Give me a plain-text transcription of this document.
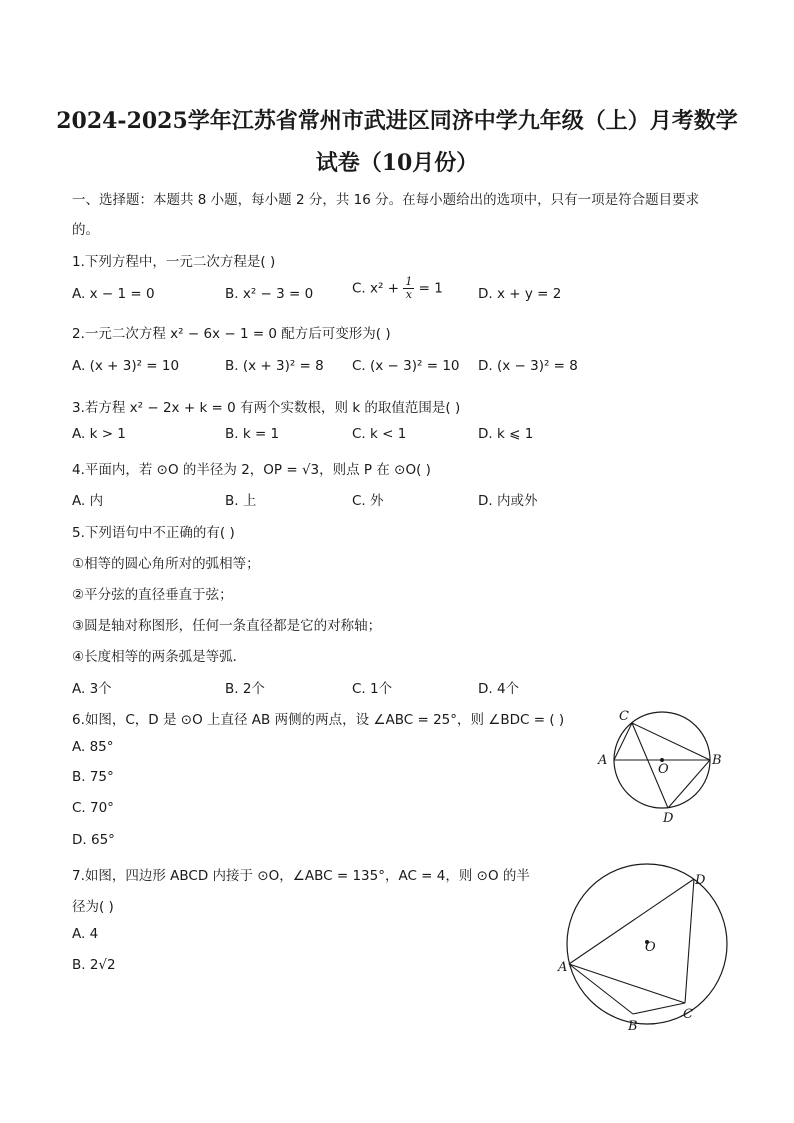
2024-2025学年江苏省常州市武进区同济中学九年级（上）月考数学
试卷（10月份）
一、选择题：本题共 8 小题，每小题 2 分，共 16 分。在每小题给出的选项中，只有一项是符合题目要求
的。
1.下列方程中，一元二次方程是( )
A. x − 1 = 0	B. x² − 3 = 0	C. $x^2 + \frac{1}{x} = 1$	D. x + y = 2
2.一元二次方程 x² − 6x − 1 = 0 配方后可变形为( )
A. (x + 3)² = 10	B. (x + 3)² = 8 C. (x − 3)² = 10 D. (x − 3)² = 8
3.若方程 x² − 2x + k = 0 有两个实数根，则 k 的取值范围是( )
A. k > 1	B. k = 1	C. k < 1	D. k ⩽ 1
4.平面内，若 ⊙O 的半径为 2，OP = √3，则点 P 在 ⊙O( )
A. 内	B. 上	C. 外	D. 内或外
5.下列语句中不正确的有( )
①相等的圆心角所对的弧相等；
②平分弦的直径垂直于弦；
③圆是轴对称图形，任何一条直径都是它的对称轴；
④长度相等的两条弧是等弧．
A. 3个	B. 2个	C. 1个	D. 4个
6.如图，C，D 是 ⊙O 上直径 AB 两侧的两点，设 ∠ABC = 25°，则 ∠BDC = ( )
A. 85°
B. 75°
C. 70°
D. 65°
A	B
C
D
O
7.如图，四边形 ABCD 内接于 ⊙O，∠ABC = 135°，AC = 4，则 ⊙O 的半
径为( )
A. 4
B. 2√2	A
B
C
D
O
